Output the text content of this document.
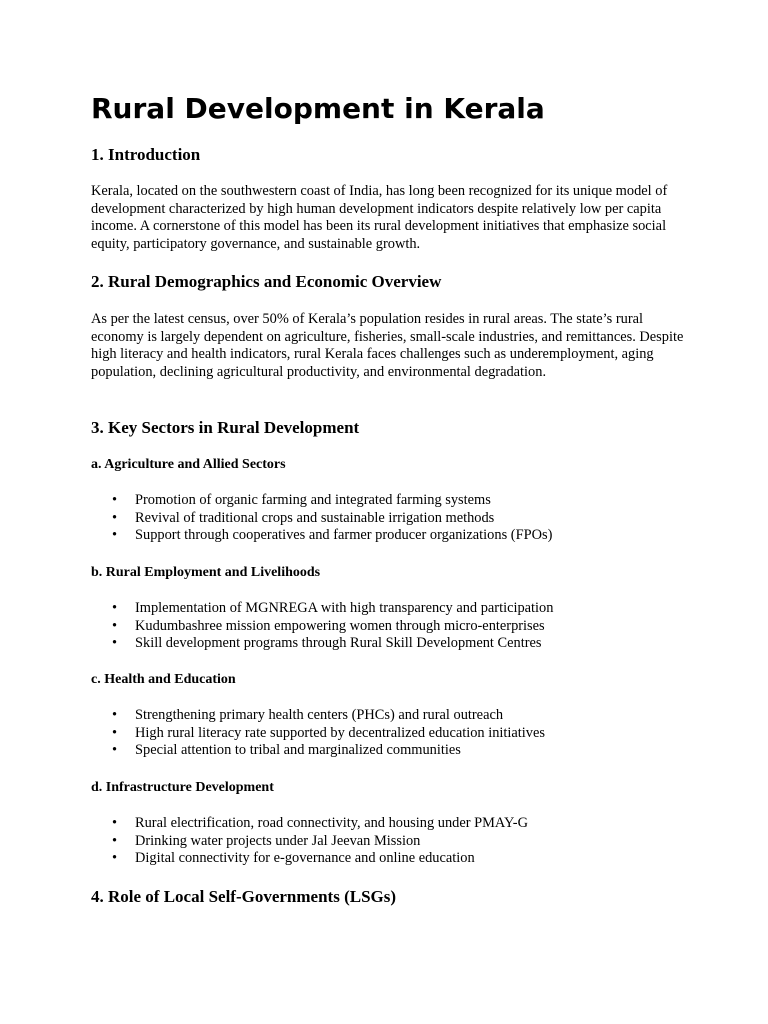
Rural Development in Kerala
1. Introduction

Kerala, located on the southwestern coast of India, has long been recognized for its unique model of development characterized by high human development indicators despite relatively low per capita income. A cornerstone of this model has been its rural development initiatives that emphasize social equity, participatory governance, and sustainable growth.

2. Rural Demographics and Economic Overview

As per the latest census, over 50% of Kerala’s population resides in rural areas. The state’s rural economy is largely dependent on agriculture, fisheries, small-scale industries, and remittances. Despite high literacy and health indicators, rural Kerala faces challenges such as underemployment, aging population, declining agricultural productivity, and environmental degradation.

3. Key Sectors in Rural Development
a. Agriculture and Allied Sectors
• Promotion of organic farming and integrated farming systems
• Revival of traditional crops and sustainable irrigation methods
• Support through cooperatives and farmer producer organizations (FPOs)
b. Rural Employment and Livelihoods
• Implementation of MGNREGA with high transparency and participation
• Kudumbashree mission empowering women through micro-enterprises
• Skill development programs through Rural Skill Development Centres
c. Health and Education
• Strengthening primary health centers (PHCs) and rural outreach
• High rural literacy rate supported by decentralized education initiatives
• Special attention to tribal and marginalized communities
d. Infrastructure Development
• Rural electrification, road connectivity, and housing under PMAY-G
• Drinking water projects under Jal Jeevan Mission
• Digital connectivity for e-governance and online education
4. Role of Local Self-Governments (LSGs)
